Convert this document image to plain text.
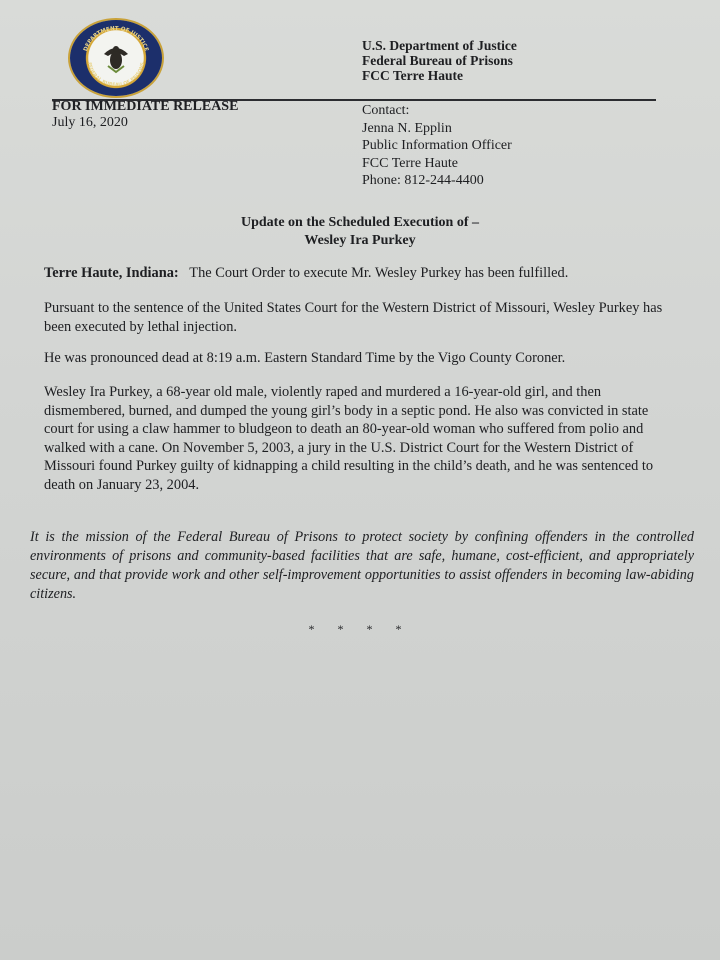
DEPARTMENT OF JUSTICE
FEDERAL BUREAU OF PRISONS
U.S. Department of Justice
Federal Bureau of Prisons
FCC Terre Haute
FOR IMMEDIATE RELEASE
July 16, 2020
Contact:
Jenna N. Epplin
Public Information Officer
FCC Terre Haute
Phone: 812-244-4400
Update on the Scheduled Execution of –
Wesley Ira Purkey
Terre Haute, Indiana: The Court Order to execute Mr. Wesley Purkey has been fulfilled.
Pursuant to the sentence of the United States Court for the Western District of Missouri, Wesley Purkey has been executed by lethal injection.
He was pronounced dead at 8:19 a.m. Eastern Standard Time by the Vigo County Coroner.
Wesley Ira Purkey, a 68-year old male, violently raped and murdered a 16-year-old girl, and then dismembered, burned, and dumped the young girl’s body in a septic pond. He also was convicted in state court for using a claw hammer to bludgeon to death an 80-year-old woman who suffered from polio and walked with a cane. On November 5, 2003, a jury in the U.S. District Court for the Western District of Missouri found Purkey guilty of kidnapping a child resulting in the child’s death, and he was sentenced to death on January 23, 2004.
It is the mission of the Federal Bureau of Prisons to protect society by confining offenders in the controlled environments of prisons and community-based facilities that are safe, humane, cost-efficient, and appropriately secure, and that provide work and other self-improvement opportunities to assist offenders in becoming law-abiding citizens.
* * * *
